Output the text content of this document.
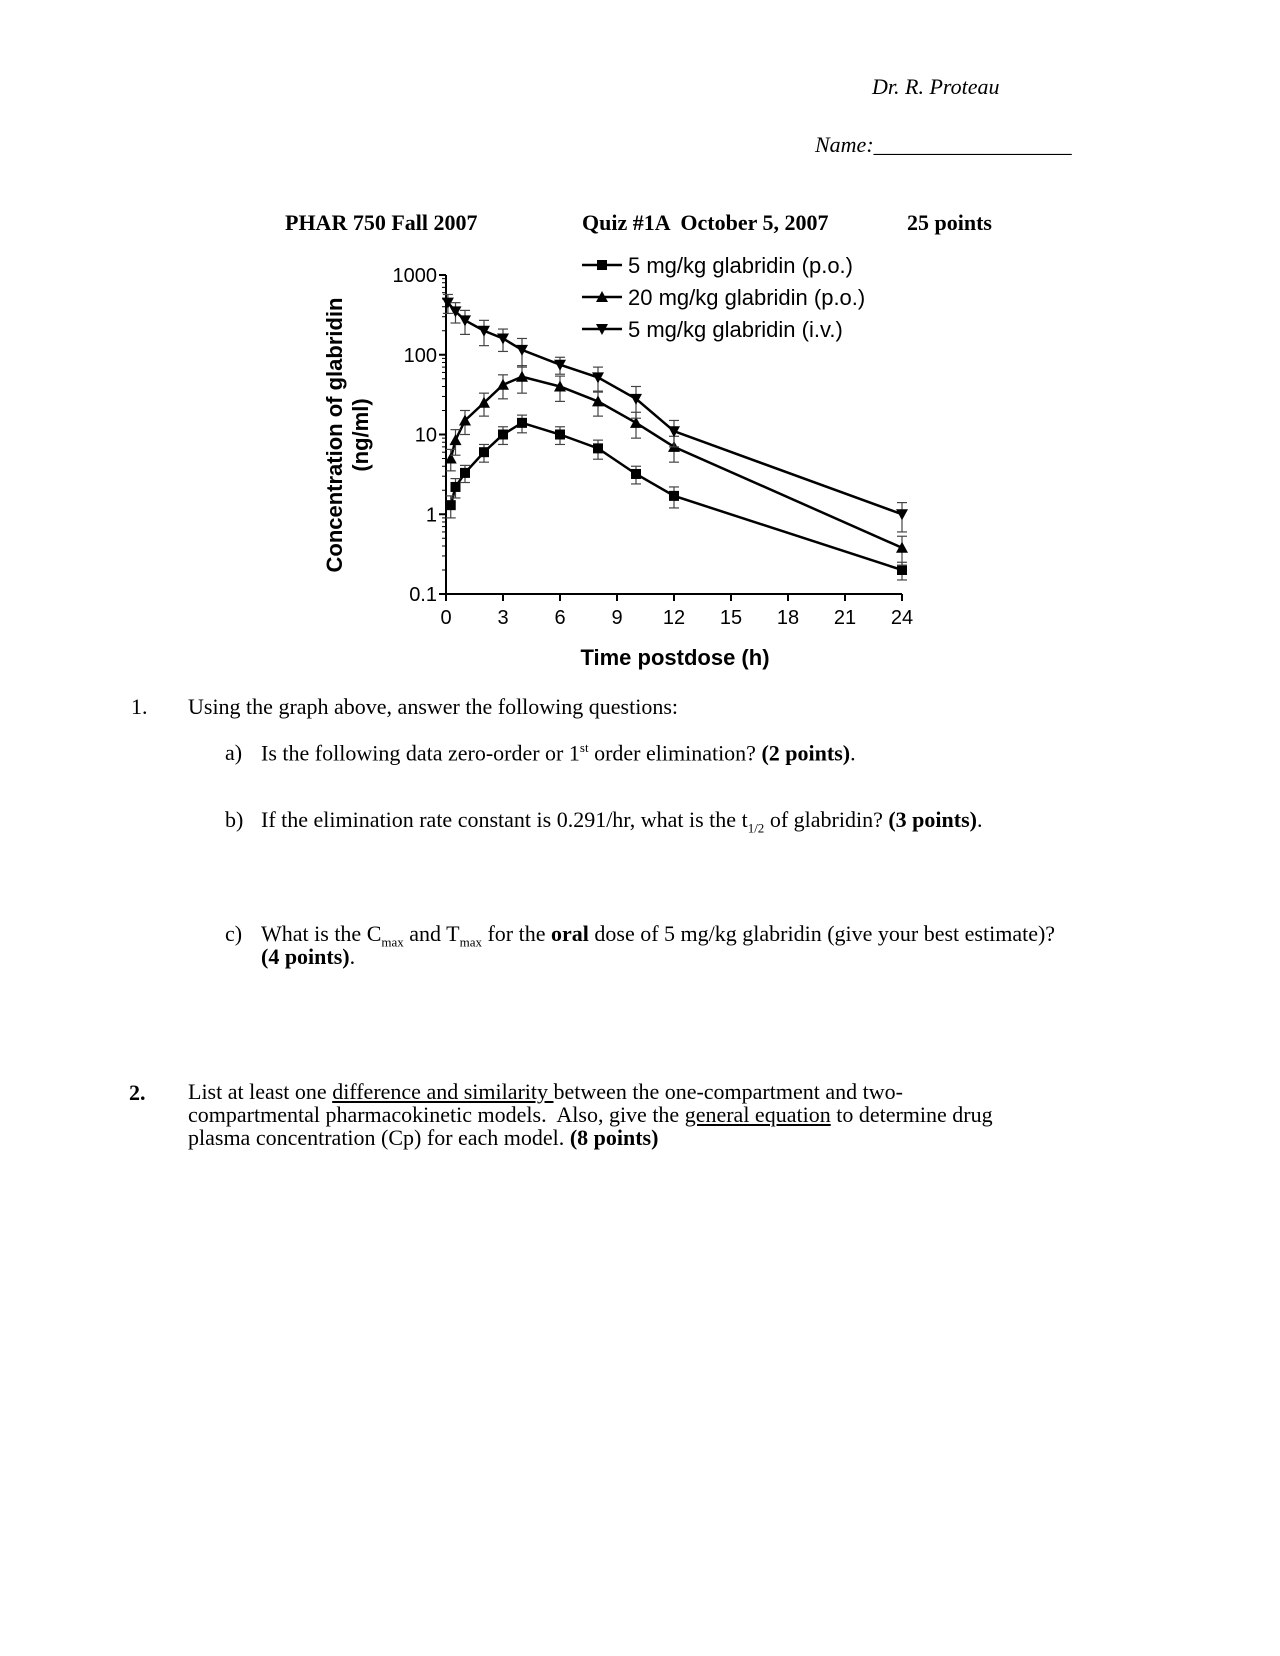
Dr. R. Proteau
Name:__________________
PHAR 750 Fall 2007	Quiz #1A  October 5, 2007	25 points
0 3 6 9 12 15 18 21 24
0.1
1
10
100
1000	5 mg/kg glabridin (p.o.)
20 mg/kg glabridin (p.o.)
5 mg/kg glabridin (i.v.)
Concentration of glabridin (ng/ml)
Time postdose (h)
1. Using the graph above, answer the following questions:
a) Is the following data zero-order or 1st order elimination? (2 points).
b) If the elimination rate constant is 0.291/hr, what is the $t_{1/2}$ of glabridin? (3 points).
c) What is the $C_{max}$ and $T_{max}$ for the oral dose of 5 mg/kg glabridin (give your best estimate)?
(4 points).
2. List at least one difference and similarity between the one-compartment and two-
compartmental pharmacokinetic models.  Also, give the general equation to determine drug
plasma concentration (Cp) for each model. (8 points)
